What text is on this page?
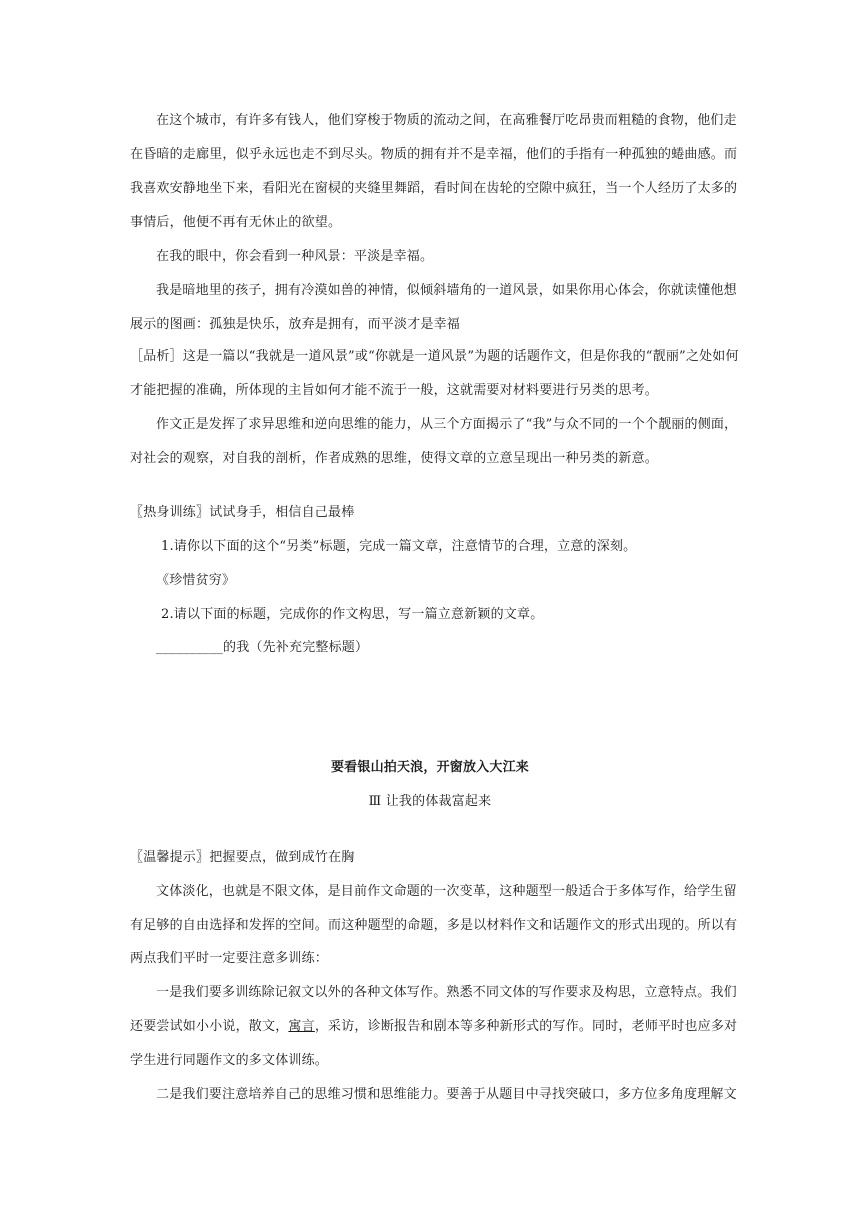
在这个城市，有许多有钱人，他们穿梭于物质的流动之间，在高雅餐厅吃昂贵而粗糙的食物，他们走
在昏暗的走廊里，似乎永远也走不到尽头。物质的拥有并不是幸福，他们的手指有一种孤独的蜷曲感。而
我喜欢安静地坐下来，看阳光在窗棂的夹缝里舞蹈，看时间在齿轮的空隙中疯狂，当一个人经历了太多的
事情后，他便不再有无休止的欲望。
在我的眼中，你会看到一种风景：平淡是幸福。
我是暗地里的孩子，拥有冷漠如兽的神情，似倾斜墙角的一道风景，如果你用心体会，你就读懂他想
展示的图画：孤独是快乐，放弃是拥有，而平淡才是幸福
［品析］这是一篇以“我就是一道风景”或“你就是一道风景”为题的话题作文，但是你我的“靓丽”之处如何
才能把握的准确，所体现的主旨如何才能不流于一般，这就需要对材料要进行另类的思考。
作文正是发挥了求异思维和逆向思维的能力，从三个方面揭示了“我”与众不同的一个个靓丽的侧面，
对社会的观察，对自我的剖析，作者成熟的思维，使得文章的立意呈现出一种另类的新意。
〖热身训练〗试试身手，相信自己最棒
1.请你以下面的这个“另类”标题，完成一篇文章，注意情节的合理，立意的深刻。
《珍惜贫穷》
2.请以下面的标题，完成你的作文构思，写一篇立意新颖的文章。
__________的我（先补充完整标题）
要看银山拍天浪，开窗放入大江来
Ⅲ 让我的体裁富起来
〖温馨提示〗把握要点，做到成竹在胸
文体淡化，也就是不限文体，是目前作文命题的一次变革，这种题型一般适合于多体写作，给学生留
有足够的自由选择和发挥的空间。而这种题型的命题，多是以材料作文和话题作文的形式出现的。所以有
两点我们平时一定要注意多训练：
一是我们要多训练除记叙文以外的各种文体写作。熟悉不同文体的写作要求及构思，立意特点。我们
还要尝试如小小说，散文，寓言，采访，诊断报告和剧本等多种新形式的写作。同时，老师平时也应多对
学生进行同题作文的多文体训练。
二是我们要注意培养自己的思维习惯和思维能力。要善于从题目中寻找突破口，多方位多角度理解文
